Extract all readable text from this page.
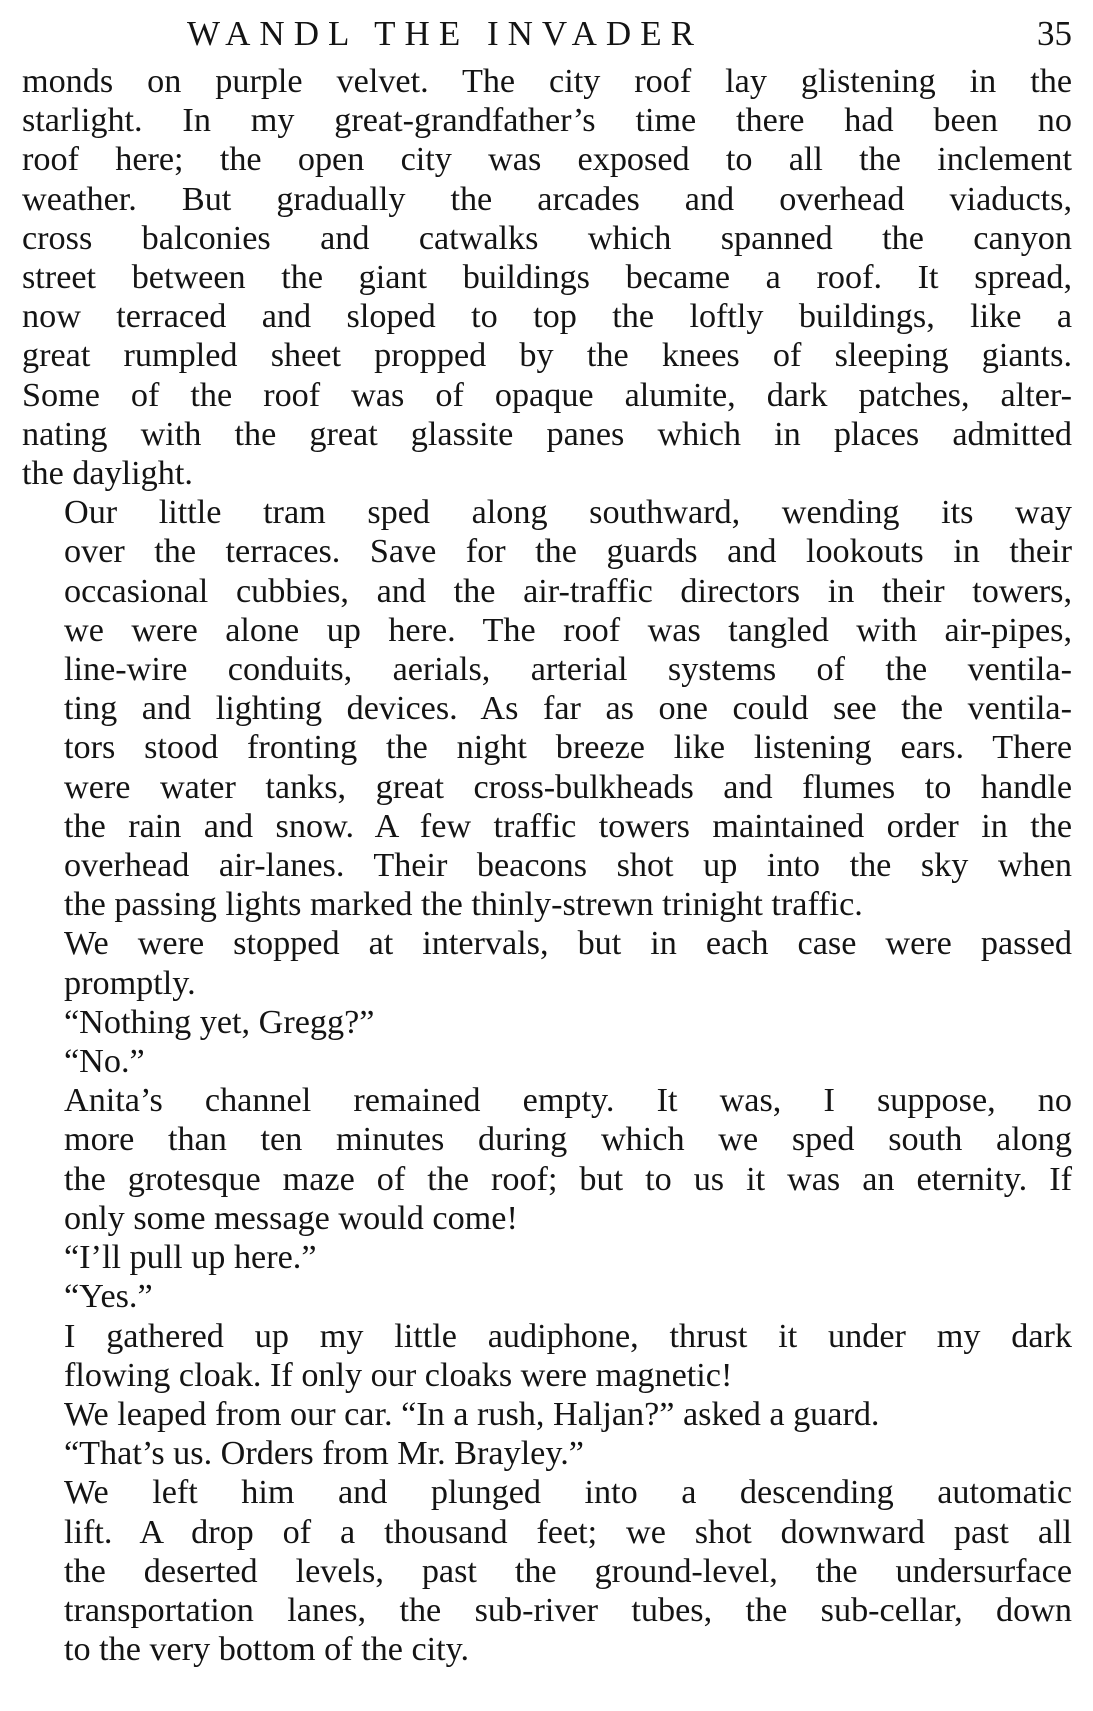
WANDL THE INVADER	35

monds on purple velvet. The city roof lay glistening in the
starlight. In my great-grandfather’s time there had been no
roof here; the open city was exposed to all the inclement
weather. But gradually the arcades and overhead viaducts,
cross balconies and catwalks which spanned the canyon
street between the giant buildings became a roof. It spread,
now terraced and sloped to top the loftly buildings, like a
great rumpled sheet propped by the knees of sleeping giants.
Some of the roof was of opaque alumite, dark patches, alter-
nating with the great glassite panes which in places admitted
the daylight.

Our little tram sped along southward, wending its way
over the terraces. Save for the guards and lookouts in their
occasional cubbies, and the air-traffic directors in their towers,
we were alone up here. The roof was tangled with air-pipes,
line-wire conduits, aerials, arterial systems of the ventila-
ting and lighting devices. As far as one could see the ventila-
tors stood fronting the night breeze like listening ears. There
were water tanks, great cross-bulkheads and flumes to handle
the rain and snow. A few traffic towers maintained order in the
overhead air-lanes. Their beacons shot up into the sky when
the passing lights marked the thinly-strewn trinight traffic.

We were stopped at intervals, but in each case were passed
promptly.

“Nothing yet, Gregg?”

“No.”

Anita’s channel remained empty. It was, I suppose, no
more than ten minutes during which we sped south along
the grotesque maze of the roof; but to us it was an eternity. If
only some message would come!

“I’ll pull up here.”

“Yes.”

I gathered up my little audiphone, thrust it under my dark
flowing cloak. If only our cloaks were magnetic!

We leaped from our car. “In a rush, Haljan?” asked a guard.

“That’s us. Orders from Mr. Brayley.”

We left him and plunged into a descending automatic
lift. A drop of a thousand feet; we shot downward past all
the deserted levels, past the ground-level, the undersurface
transportation lanes, the sub-river tubes, the sub-cellar, down
to the very bottom of the city.
